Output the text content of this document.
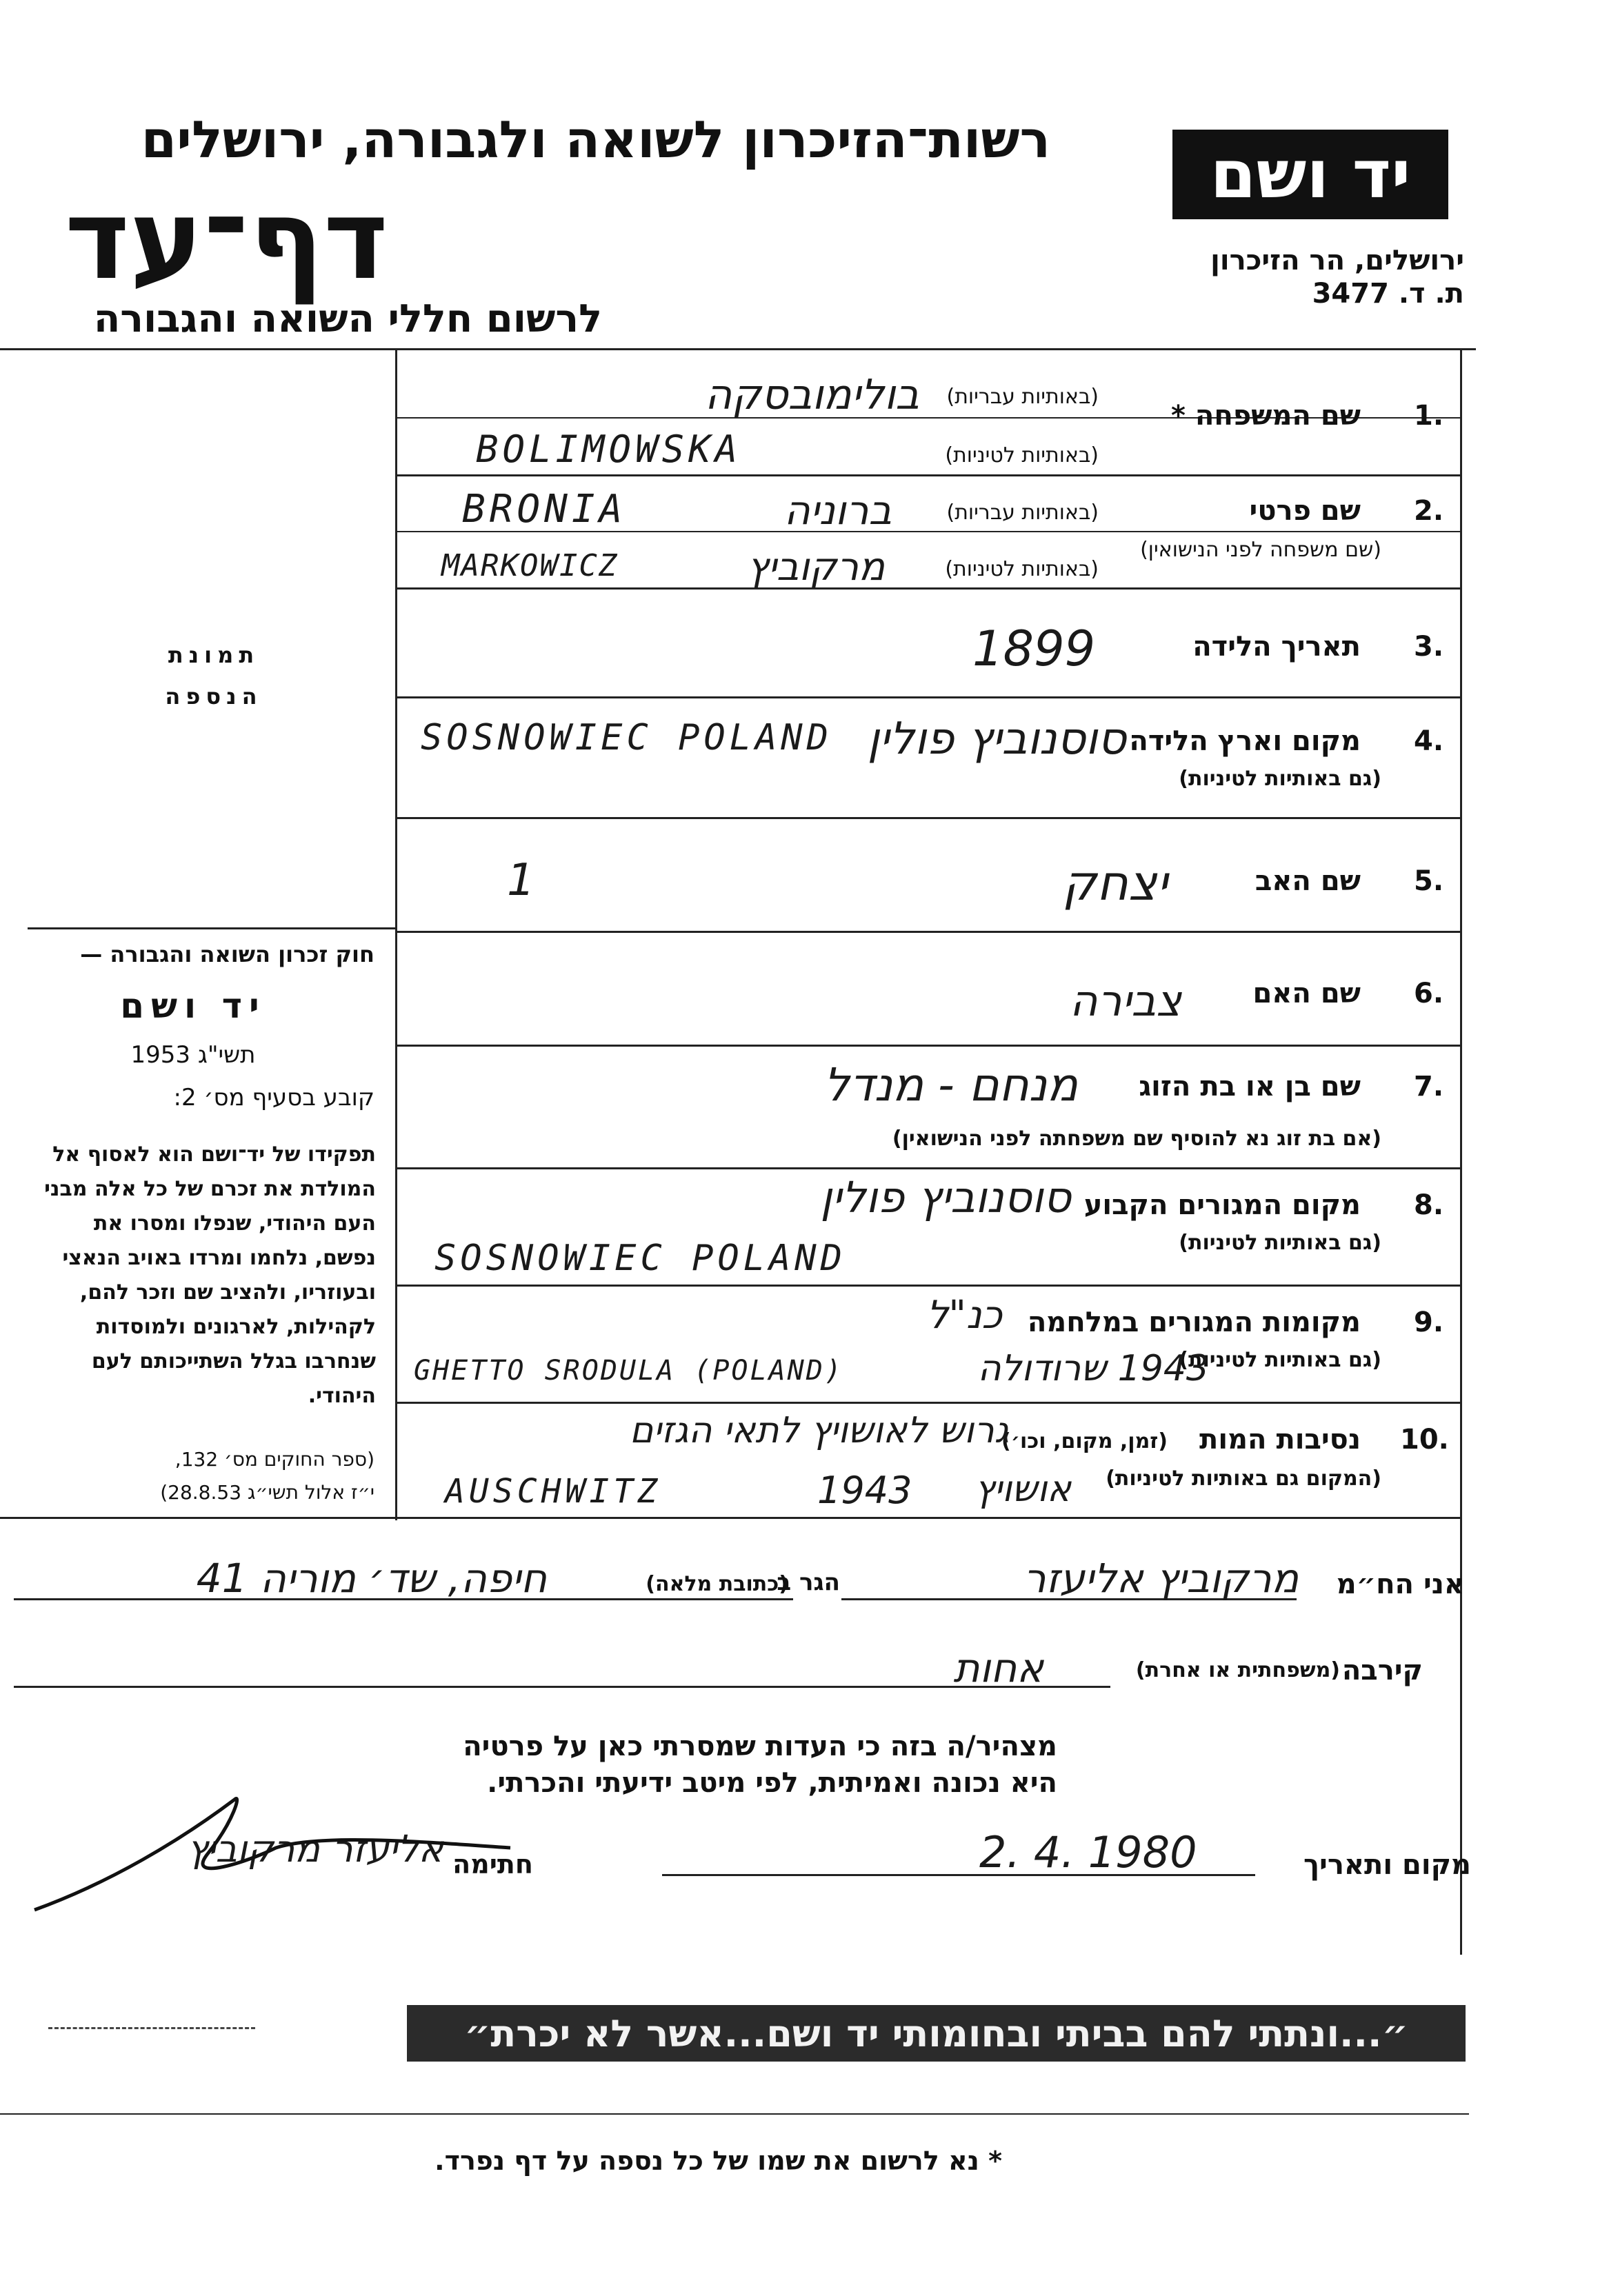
רשות־הזיכרון לשואה ולגבורה, ירושלים
דף־עד
לרשום חללי השואה והגבורה
יד ושם
ירושלים, הר הזיכרון
ת. ד. 3477
תמונת הנספה
חוק זכרון השואה והגבורה —
יד ושם
תשי"ג 1953
קובע בסעיף מס׳ 2:
תפקידו של יד־ושם הוא לאסוף אל המולדת את זכרם של כל אלה מבני העם היהודי, שנפלו ומסרו את נפשם, נלחמו ומרדו באויב הנאצי ובעוזריו, ולהציב שם וזכר להם, לקהילות, לארגונים ולמוסדות שנחרבו בגלל השתייכותם לעם היהודי.
(ספר החוקים מס׳ 132,
י״ז אלול תשי״ג 28.8.53)
1.
שם המשפחה *
(באותיות עבריות)
(באותיות לטיניות)
בולימובסקה
BOLIMOWSKA
2.
שם פרטי
(שם משפחה לפני הנישואין)
(באותיות עבריות)
(באותיות לטיניות)
ברוניה
BRONIA
מרקוביץ
MARKOWICZ
3.
תאריך הלידה
1899
4.
מקום וארץ הלידה
(גם באותיות לטיניות)
סוסנוביץ פולין
SOSNOWIEC POLAND
5.
שם האב
יצחק
1
6.
שם האם
צבירה
7.
שם בן או בת הזוג
(אם בת זוג נא להוסיף שם משפחתה לפני הנישואין)
מנחם - מנדל
8.
מקום המגורים הקבוע
(גם באותיות לטיניות)
סוסנוביץ פולין
SOSNOWIEC POLAND
9.
מקומות המגורים במלחמה
(גם באותיות לטיניות)
כנ"ל
1943 שרודולה
GHETTO SRODULA (POLAND)
10.
נסיבות המות
(זמן, מקום, וכו׳)
(המקום גם באותיות לטיניות)
גרוש לאושויץ לתאי הגזים
AUSCHWITZ	1943 אושויץ
אני הח״מ
מרקוביץ אליעזר
הגר ב
(כתובת מלאה)
חיפה, שד׳ מוריה 41
קירבה
(משפחתית או אחרת)
אחות
מצהיר/ה בזה כי העדות שמסרתי כאן על פרטיה
היא נכונה ואמיתית, לפי מיטב ידיעתי והכרתי.
חתימה
אליעזר מרקוביץ	מקום ותאריך
2. 4. 1980
״...ונתתי להם בביתי ובחומותי יד ושם...אשר לא יכרת״
* נא לרשום את שמו של כל נספה על דף נפרד.
